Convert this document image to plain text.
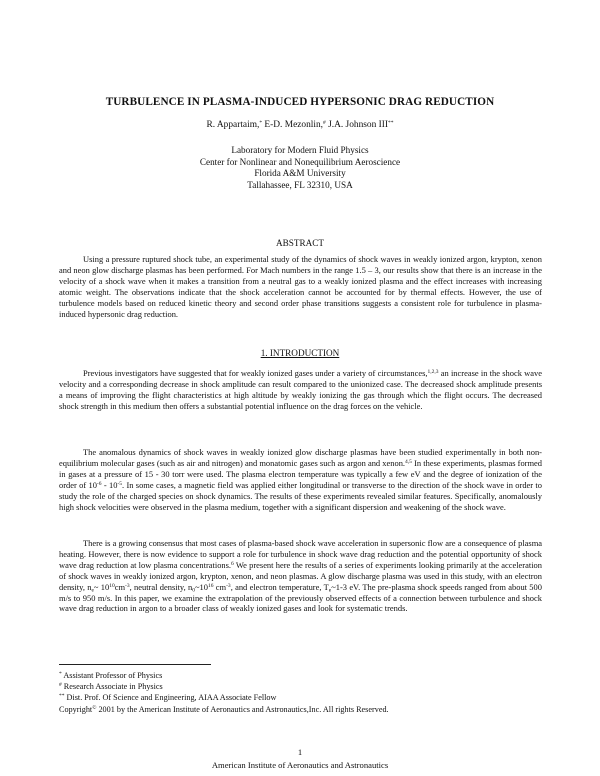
TURBULENCE IN PLASMA-INDUCED HYPERSONIC DRAG REDUCTION
R. Appartaim,* E-D. Mezonlin,# J.A. Johnson III**
Laboratory for Modern Fluid Physics
Center for Nonlinear and Nonequilibrium Aeroscience
Florida A&M University
Tallahassee, FL 32310, USA
ABSTRACT

Using a pressure ruptured shock tube, an experimental study of the dynamics of shock waves in weakly ionized argon, krypton, xenon and neon glow discharge plasmas has been performed. For Mach numbers in the range 1.5 – 3, our results show that there is an increase in the velocity of a shock wave when it makes a transition from a neutral gas to a weakly ionized plasma and the effect increases with increasing atomic weight. The observations indicate that the shock acceleration cannot be accounted for by thermal effects. However, the use of turbulence models based on reduced kinetic theory and second order phase transitions suggests a consistent role for turbulence in plasma-induced hypersonic drag reduction.

1. INTRODUCTION

Previous investigators have suggested that for weakly ionized gases under a variety of circumstances,$^{1,2,3}$ an increase in the shock wave velocity and a corresponding decrease in shock amplitude can result compared to the unionized case. The decreased shock amplitude presents a means of improving the flight characteristics at high altitude by weakly ionizing the gas through which the flight occurs. The decreased shock strength in this medium then offers a substantial potential influence on the drag forces on the vehicle.

The anomalous dynamics of shock waves in weakly ionized glow discharge plasmas have been studied experimentally in both non-equilibrium molecular gases (such as air and nitrogen) and monatomic gases such as argon and xenon.$^{4,5}$ In these experiments, plasmas formed in gases at a pressure of 15 - 30 torr were used. The plasma electron temperature was typically a few eV and the degree of ionization of the order of $10^{-6} - 10^{-5}$. In some cases, a magnetic field was applied either longitudinal or transverse to the direction of the shock wave in order to study the role of the charged species on shock dynamics. The results of these experiments revealed similar features. Specifically, anomalously high shock velocities were observed in the plasma medium, together with a significant dispersion and weakening of the shock wave.

There is a growing consensus that most cases of plasma-based shock wave acceleration in supersonic flow are a consequence of plasma heating. However, there is now evidence to support a role for turbulence in shock wave drag reduction and the potential opportunity of shock wave drag reduction at low plasma concentrations.$^6$ We present here the results of a series of experiments looking primarily at the acceleration of shock waves in weakly ionized argon, krypton, xenon, and neon plasmas. A glow discharge plasma was used in this study, with an electron density, $n_e\sim$ $10^{10}cm^{-3}$, neutral density, $n_0\sim 10^{16}$ $cm^{-3}$, and electron temperature, $T_e\sim 1-3$ eV. The pre-plasma shock speeds ranged from about 500 m/s to 950 m/s. In this paper, we examine the extrapolation of the previously observed effects of a connection between turbulence and shock wave drag reduction in argon to a broader class of weakly ionized gases and look for systematic trends.

* Assistant Professor of Physics
# Research Associate in Physics
** Dist. Prof. Of Science and Engineering, AIAA Associate Fellow
Copyright© 2001 by the American Institute of Aeronautics and Astronautics,Inc. All rights Reserved.
1
American Institute of Aeronautics and Astronautics
